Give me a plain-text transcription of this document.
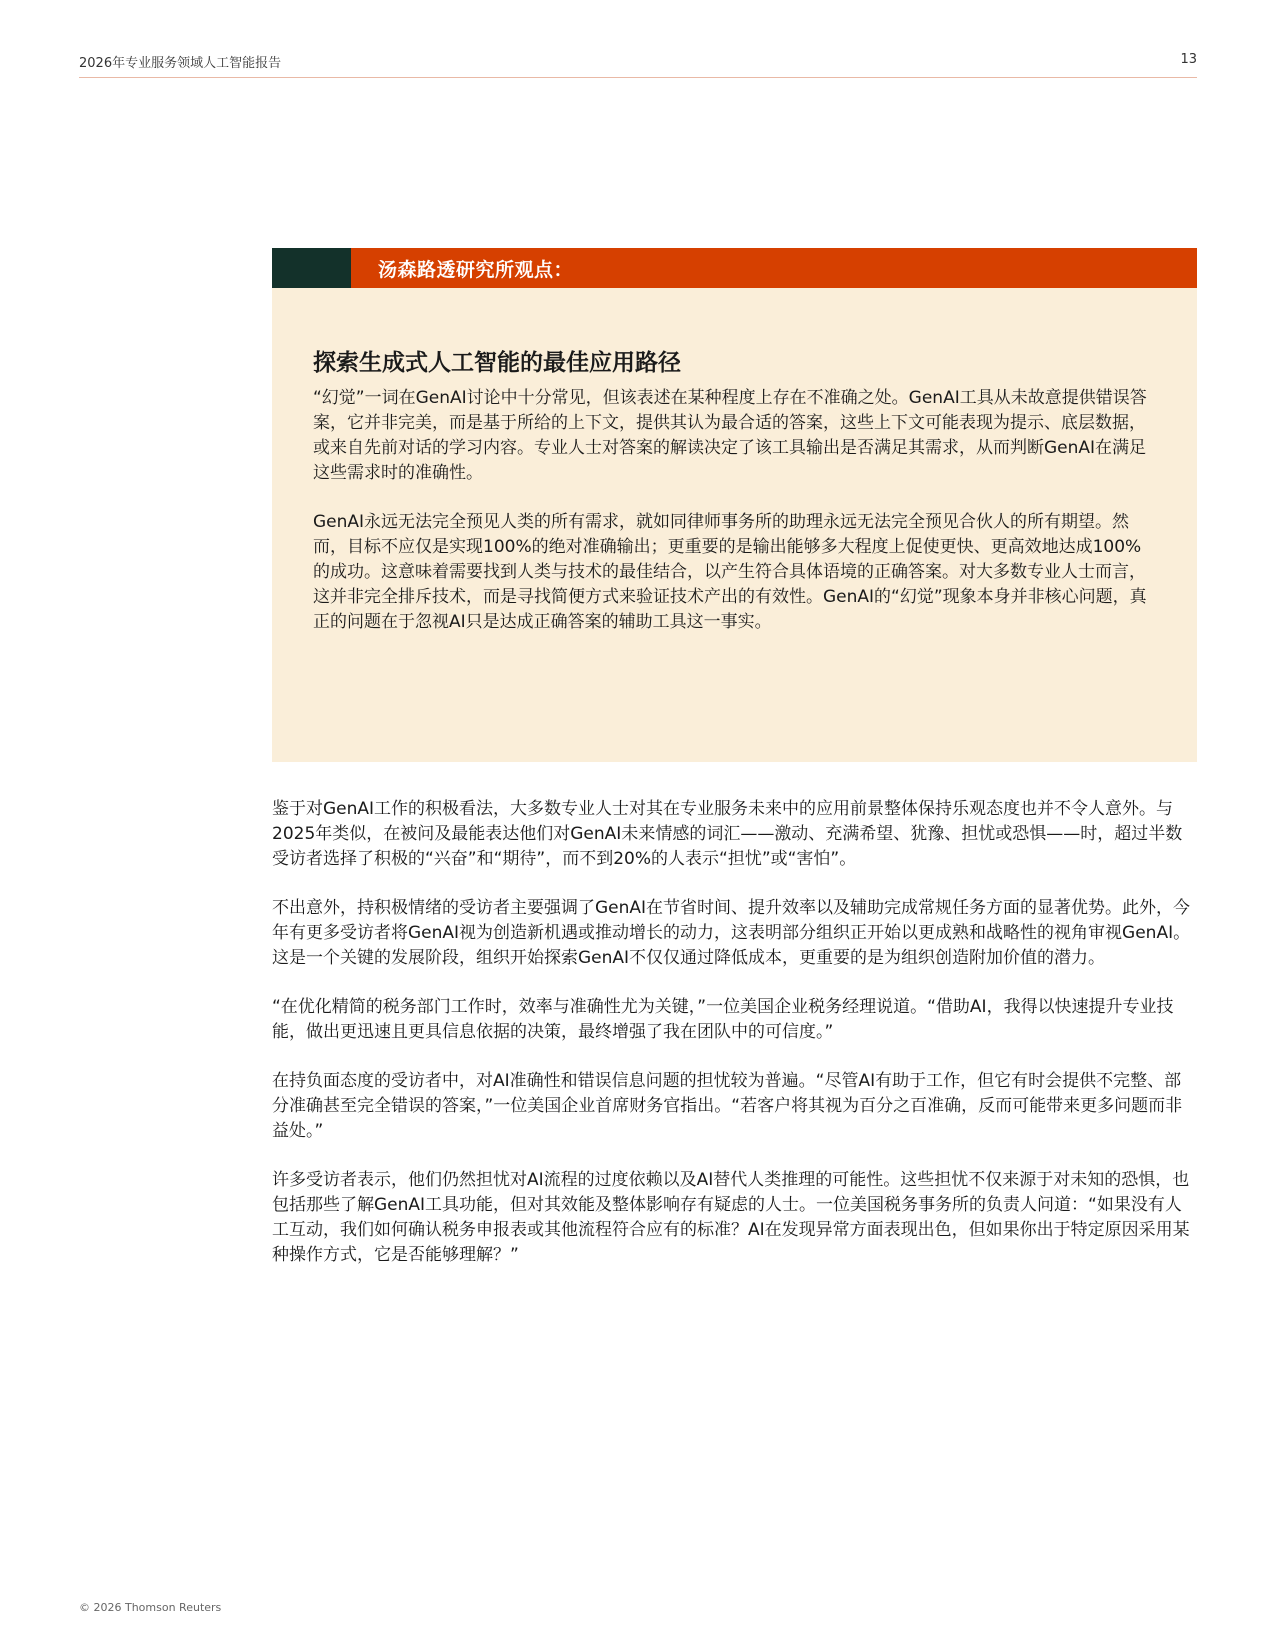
2026年专业服务领域人工智能报告	13
汤森路透研究所观点：
探索生成式人工智能的最佳应用路径

“幻觉”一词在GenAI讨论中十分常见，但该表述在某种程度上存在不准确之处。GenAI工具从未故意提供错误答案，它并非完美，而是基于所给的上下文，提供其认为最合适的答案，这些上下文可能表现为提示、底层数据，或来自先前对话的学习内容。专业人士对答案的解读决定了该工具输出是否满足其需求，从而判断GenAI在满足这些需求时的准确性。

GenAI永远无法完全预见人类的所有需求，就如同律师事务所的助理永远无法完全预见合伙人的所有期望。然而，目标不应仅是实现100%的绝对准确输出；更重要的是输出能够多大程度上促使更快、更高效地达成100%的成功。这意味着需要找到人类与技术的最佳结合，以产生符合具体语境的正确答案。对大多数专业人士而言，这并非完全排斥技术，而是寻找简便方式来验证技术产出的有效性。GenAI的“幻觉”现象本身并非核心问题，真正的问题在于忽视AI只是达成正确答案的辅助工具这一事实。

鉴于对GenAI工作的积极看法，大多数专业人士对其在专业服务未来中的应用前景整体保持乐观态度也并不令人意外。与2025年类似，在被问及最能表达他们对GenAI未来情感的词汇——激动、充满希望、犹豫、担忧或恐惧——时，超过半数受访者选择了积极的“兴奋”和“期待”，而不到20%的人表示“担忧”或“害怕”。

不出意外，持积极情绪的受访者主要强调了GenAI在节省时间、提升效率以及辅助完成常规任务方面的显著优势。此外，今年有更多受访者将GenAI视为创造新机遇或推动增长的动力，这表明部分组织正开始以更成熟和战略性的视角审视GenAI。这是一个关键的发展阶段，组织开始探索GenAI不仅仅通过降低成本，更重要的是为组织创造附加价值的潜力。

“在优化精简的税务部门工作时，效率与准确性尤为关键，”一位美国企业税务经理说道。“借助AI，我得以快速提升专业技能，做出更迅速且更具信息依据的决策，最终增强了我在团队中的可信度。”

在持负面态度的受访者中，对AI准确性和错误信息问题的担忧较为普遍。“尽管AI有助于工作，但它有时会提供不完整、部分准确甚至完全错误的答案，”一位美国企业首席财务官指出。“若客户将其视为百分之百准确，反而可能带来更多问题而非益处。”

许多受访者表示，他们仍然担忧对AI流程的过度依赖以及AI替代人类推理的可能性。这些担忧不仅来源于对未知的恐惧，也包括那些了解GenAI工具功能，但对其效能及整体影响存有疑虑的人士。一位美国税务事务所的负责人问道：“如果没有人工互动，我们如何确认税务申报表或其他流程符合应有的标准？AI在发现异常方面表现出色，但如果你出于特定原因采用某种操作方式，它是否能够理解？”

© 2026 Thomson Reuters
